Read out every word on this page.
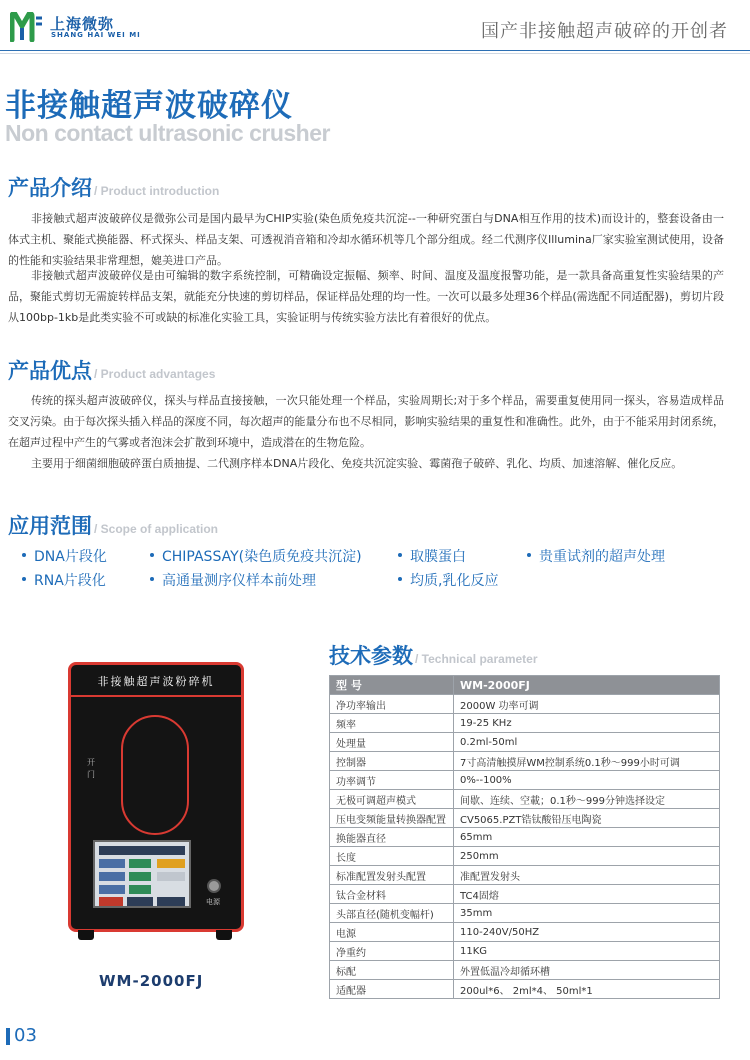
上海微弥
SHANG HAI WEI MI	国产非接触超声破碎的开创者
非接触超声波破碎仪
Non contact ultrasonic crusher
产品介绍 / Product introduction

非接触式超声波破碎仪是微弥公司是国内最早为CHIP实验(染色质免疫共沉淀--一种研究蛋白与DNA相互作用的技术)而设计的，整套设备由一体式主机、聚能式换能器、杯式探头、样品支架、可透视消音箱和冷却水循环机等几个部分组成。经二代测序仪Illumina厂家实验室测试使用，设备的性能和实验结果非常理想，媲美进口产品。

非接触式超声波破碎仪是由可编辑的数字系统控制，可精确设定振幅、频率、时间、温度及温度报警功能，是一款具备高重复性实验结果的产品，聚能式剪切无需旋转样品支架，就能充分快速的剪切样品，保证样品处理的均一性。一次可以最多处理36个样品(需选配不同适配器)，剪切片段从100bp-1kb是此类实验不可或缺的标准化实验工具，实验证明与传统实验方法比有着很好的优点。

产品优点 / Product advantages

传统的探头超声波破碎仪，探头与样品直接接触，一次只能处理一个样品，实验周期长;对于多个样品，需要重复使用同一探头，容易造成样品交叉污染。由于每次探头插入样品的深度不同，每次超声的能量分布也不尽相同，影响实验结果的重复性和准确性。此外，由于不能采用封闭系统，在超声过程中产生的气雾或者泡沫会扩散到环境中，造成潜在的生物危险。

主要用于细菌细胞破碎蛋白质抽提、二代测序样本DNA片段化、免疫共沉淀实验、霉菌孢子破碎、乳化、均质、加速溶解、催化反应。

应用范围 / Scope of application
DNA片段化	CHIPASSAY(染色质免疫共沉淀)	取膜蛋白	贵重试剂的超声处理
RNA片段化	高通量测序仪样本前处理	均质,乳化反应
非接触超声波粉碎机
开门
电源
WM-2000FJ
技术参数 / Technical parameter
型 号	WM-2000FJ
净功率输出	2000W 功率可调
频率	19-25 KHz
处理量	0.2ml-50ml
控制器	7寸高清触摸屏WM控制系统0.1秒～999小时可调
功率调节	0%--100%
无极可调超声模式	间歇、连续、空載；0.1秒～999分钟选择设定
压电变频能量转换器配置	CV5065.PZT锆钛酸铅压电陶瓷
换能器直径	65mm
长度	250mm
标准配置发射头配置	准配置发射头
钛合金材料	TC4固熔
头部直径(随机变幅杆)	35mm
电源	110-240V/50HZ
净重约	11KG
标配	外置低温冷却循环槽
适配器	200ul*6、 2ml*4、 50ml*1
03
